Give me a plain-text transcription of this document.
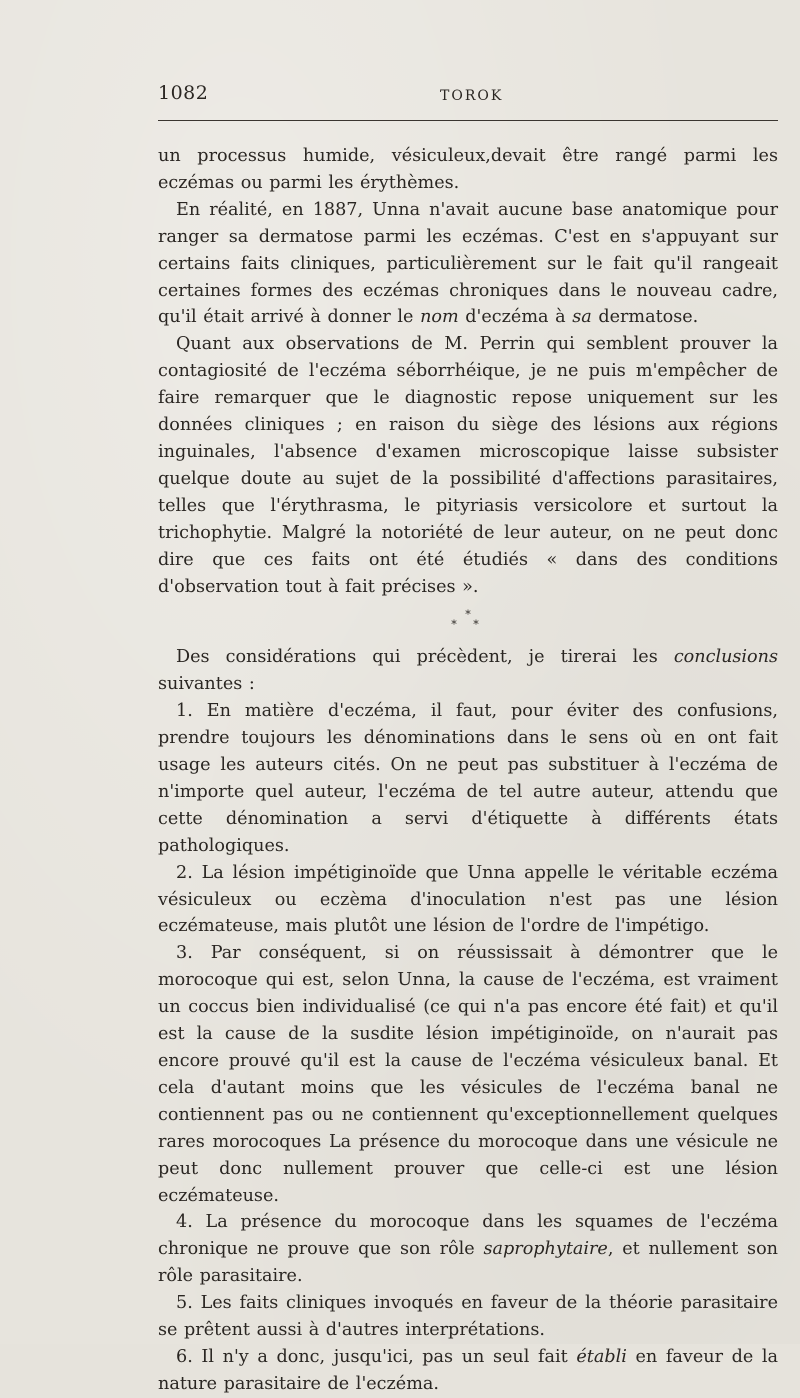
1082	TOROK

un processus humide, vésiculeux,devait être rangé parmi les eczémas ou parmi les érythèmes.

En réalité, en 1887, Unna n'avait aucune base anatomique pour ranger sa dermatose parmi les eczémas. C'est en s'appuyant sur certains faits cliniques, particulièrement sur le fait qu'il rangeait certaines formes des eczémas chroniques dans le nouveau cadre, qu'il était arrivé à donner le nom d'eczéma à sa dermatose.

Quant aux observations de M. Perrin qui semblent prouver la contagiosité de l'eczéma séborrhéique, je ne puis m'empêcher de faire remarquer que le diagnostic repose uniquement sur les données cliniques ; en raison du siège des lésions aux régions inguinales, l'absence d'examen microscopique laisse subsister quelque doute au sujet de la possibilité d'affections parasitaires, telles que l'érythrasma, le pityriasis versicolore et surtout la trichophytie. Malgré la notoriété de leur auteur, on ne peut donc dire que ces faits ont été étudiés « dans des conditions d'observation tout à fait précises ».

*
* *

Des considérations qui précèdent, je tirerai les conclusions suivantes :

1. En matière d'eczéma, il faut, pour éviter des confusions, prendre toujours les dénominations dans le sens où en ont fait usage les auteurs cités. On ne peut pas substituer à l'eczéma de n'importe quel auteur, l'eczéma de tel autre auteur, attendu que cette dénomination a servi d'étiquette à différents états pathologiques.

2. La lésion impétiginoïde que Unna appelle le véritable eczéma vésiculeux ou eczèma d'inoculation n'est pas une lésion eczémateuse, mais plutôt une lésion de l'ordre de l'impétigo.

3. Par conséquent, si on réussissait à démontrer que le morocoque qui est, selon Unna, la cause de l'eczéma, est vraiment un coccus bien individualisé (ce qui n'a pas encore été fait) et qu'il est la cause de la susdite lésion impétiginoïde, on n'aurait pas encore prouvé qu'il est la cause de l'eczéma vésiculeux banal. Et cela d'autant moins que les vésicules de l'eczéma banal ne contiennent pas ou ne contiennent qu'exceptionnellement quelques rares morocoques La présence du morocoque dans une vésicule ne peut donc nullement prouver que celle-ci est une lésion eczémateuse.

4. La présence du morocoque dans les squames de l'eczéma chronique ne prouve que son rôle saprophytaire, et nullement son rôle parasitaire.

5. Les faits cliniques invoqués en faveur de la théorie parasitaire se prêtent aussi à d'autres interprétations.

6. Il n'y a donc, jusqu'ici, pas un seul fait établi en faveur de la nature parasitaire de l'eczéma.
